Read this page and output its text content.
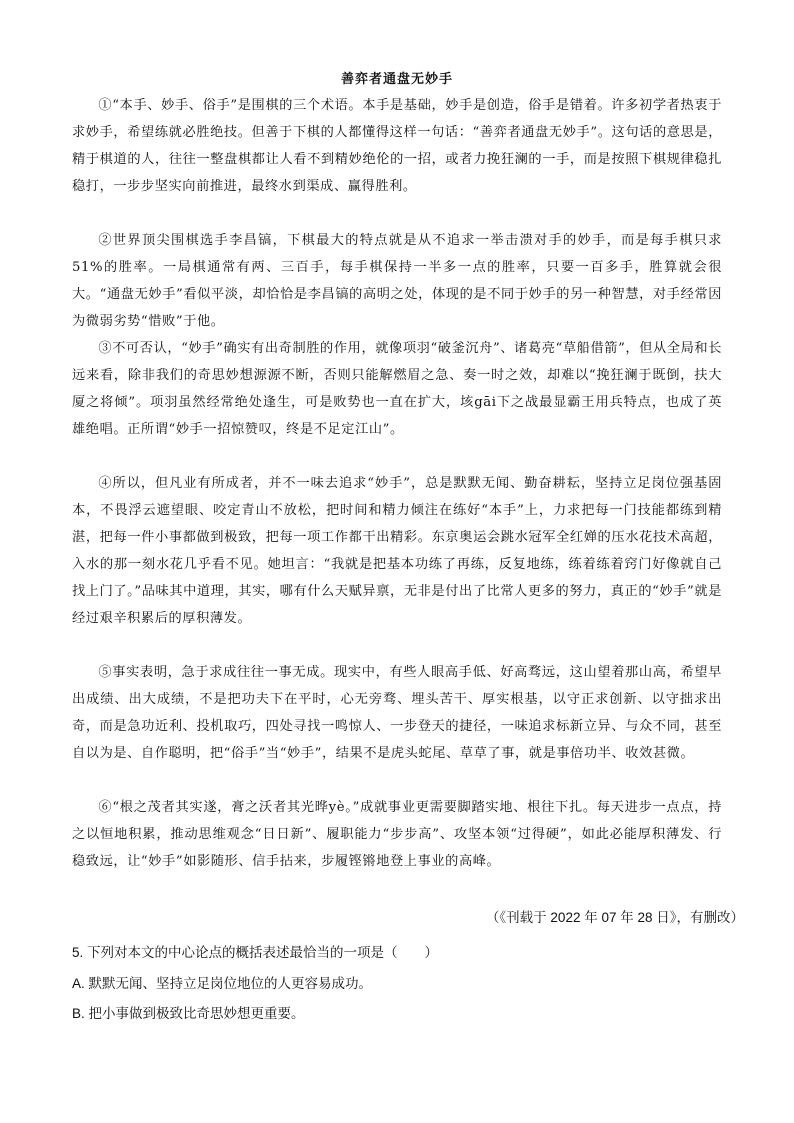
善弈者通盘无妙手
①“本手、妙手、俗手”是围棋的三个术语。本手是基础，妙手是创造，俗手是错着。许多初学者热衷于求妙手，希望练就必胜绝技。但善于下棋的人都懂得这样一句话：“善弈者通盘无妙手”。这句话的意思是，精于棋道的人，往往一整盘棋都让人看不到精妙绝伦的一招，或者力挽狂澜的一手，而是按照下棋规律稳扎稳打，一步步坚实向前推进，最终水到渠成、赢得胜利。
②世界顶尖围棋选手李昌镐，下棋最大的特点就是从不追求一举击溃对手的妙手，而是每手棋只求51%的胜率。一局棋通常有两、三百手，每手棋保持一半多一点的胜率，只要一百多手，胜算就会很大。“通盘无妙手”看似平淡，却恰恰是李昌镐的高明之处，体现的是不同于妙手的另一种智慧，对手经常因为微弱劣势“惜败”于他。
③不可否认，“妙手”确实有出奇制胜的作用，就像项羽“破釜沉舟”、诸葛亮“草船借箭”，但从全局和长远来看，除非我们的奇思妙想源源不断，否则只能解燃眉之急、奏一时之效，却难以“挽狂澜于既倒，扶大厦之将倾”。项羽虽然经常绝处逢生，可是败势也一直在扩大，垓gāi下之战最显霸王用兵特点，也成了英雄绝唱。正所谓“妙手一招惊赞叹，终是不足定江山”。
④所以，但凡业有所成者，并不一味去追求“妙手”，总是默默无闻、勤奋耕耘，坚持立足岗位强基固本，不畏浮云遮望眼、咬定青山不放松，把时间和精力倾注在练好“本手”上，力求把每一门技能都练到精湛，把每一件小事都做到极致，把每一项工作都干出精彩。东京奥运会跳水冠军全红婵的压水花技术高超，入水的那一刻水花几乎看不见。她坦言：“我就是把基本功练了再练，反复地练，练着练着窍门好像就自己找上门了。”品味其中道理，其实，哪有什么天赋异禀，无非是付出了比常人更多的努力，真正的“妙手”就是经过艰辛积累后的厚积薄发。
⑤事实表明，急于求成往往一事无成。现实中，有些人眼高手低、好高骛远，这山望着那山高，希望早出成绩、出大成绩，不是把功夫下在平时，心无旁骛、埋头苦干、厚实根基，以守正求创新、以守拙求出奇，而是急功近利、投机取巧，四处寻找一鸣惊人、一步登天的捷径，一味追求标新立异、与众不同，甚至自以为是、自作聪明，把“俗手”当“妙手”，结果不是虎头蛇尾、草草了事，就是事倍功半、收效甚微。
⑥“根之茂者其实遂，膏之沃者其光晔yè。”成就事业更需要脚踏实地、根往下扎。每天进步一点点，持之以恒地积累，推动思维观念“日日新”、履职能力“步步高”、攻坚本领“过得硬”，如此必能厚积薄发、行稳致远，让“妙手”如影随形、信手拈来，步履铿锵地登上事业的高峰。
（《刊载于 2022 年 07 年 28 日》，有删改）
5. 下列对本文的中心论点的概括表述最恰当的一项是（　　）
A. 默默无闻、坚持立足岗位地位的人更容易成功。
B. 把小事做到极致比奇思妙想更重要。
